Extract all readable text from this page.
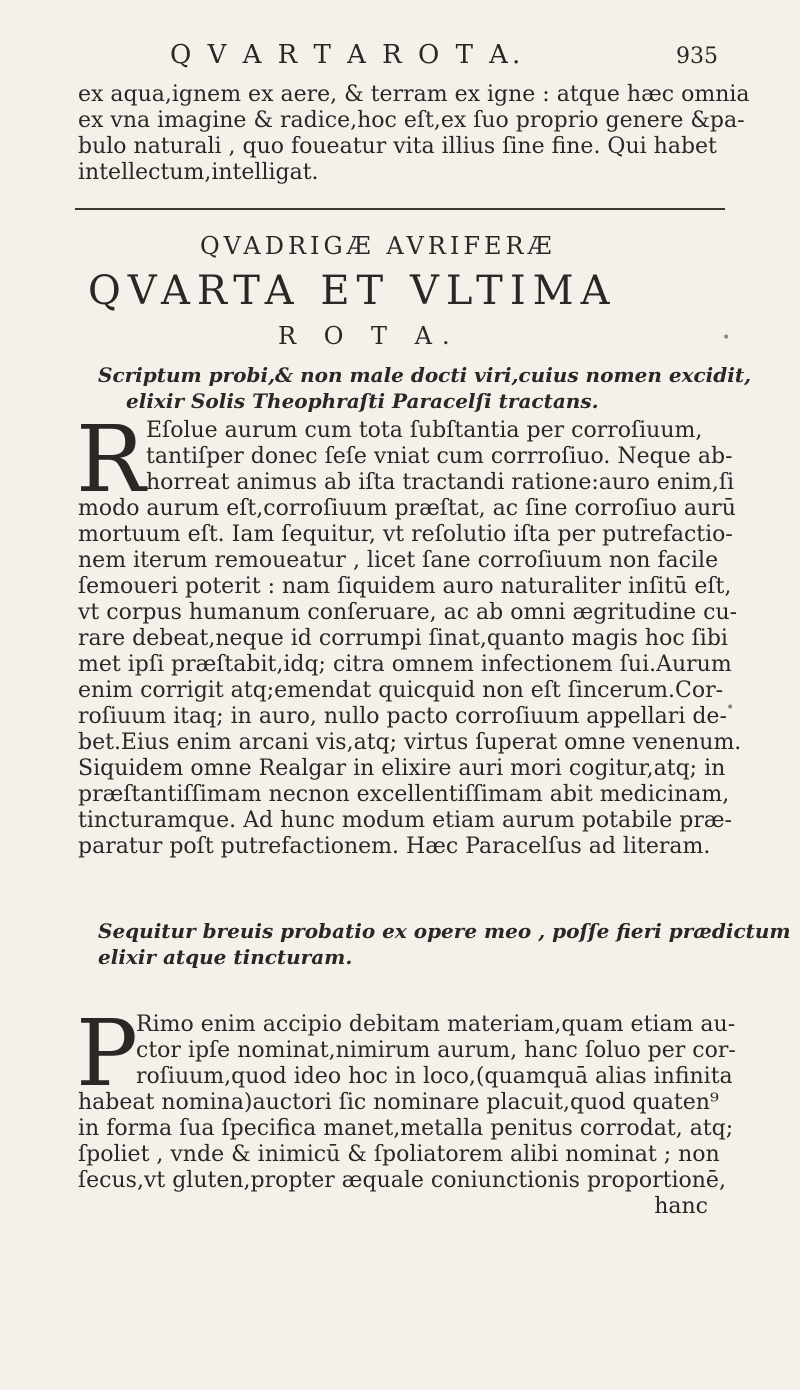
Q V A R T A R O T A.	935

ex aqua,ignem ex aere, & terram ex igne : atque hæc omnia

ex vna imagine & radice,hoc eſt,ex ſuo proprio genere &pa-

bulo naturali , quo foueatur vita illius ſine fine. Qui habet

intellectum,intelligat.

QVADRIGÆ AVRIFERÆ
QVARTA ET VLTIMA
R O T A.

Scriptum probi,& non male docti viri,cuius nomen excidit,

elixir Solis Theophraſti Paracelſi tractans.

R Eſolue aurum cum tota ſubſtantia per corroſiuum,

tantiſper donec ſeſe vniat cum corrroſiuo. Neque ab-

horreat animus ab iſta tractandi ratione:auro enim,ſi

modo aurum eſt,corroſiuum præſtat, ac ſine corroſiuo aurū

mortuum eſt. Iam ſequitur, vt reſolutio iſta per putrefactio-

nem iterum remoueatur , licet ſane corroſiuum non facile

ſemoueri poterit : nam ſiquidem auro naturaliter inſitū eſt,

vt corpus humanum conſeruare, ac ab omni ægritudine cu-

rare debeat,neque id corrumpi ſinat,quanto magis hoc ſibi

met ipſi præſtabit,idq; citra omnem infectionem ſui.Aurum

enim corrigit atq;emendat quicquid non eſt ſincerum.Cor-

roſiuum itaq; in auro, nullo pacto corroſiuum appellari de-

bet.Eius enim arcani vis,atq; virtus ſuperat omne venenum.

Siquidem omne Realgar in elixire auri mori cogitur,atq; in

præſtantiſſimam necnon excellentiſſimam abit medicinam,

tincturamque. Ad hunc modum etiam aurum potabile præ-

paratur poſt putrefactionem. Hæc Paracelſus ad literam.

Sequitur breuis probatio ex opere meo , poſſe fieri prædictum

elixir atque tincturam.

P

Rimo enim accipio debitam materiam,quam etiam au-

ctor ipſe nominat,nimirum aurum, hanc ſoluo per cor-

roſiuum,quod ideo hoc in loco,(quamquā alias infinita

habeat nomina)auctori ſic nominare placuit,quod quaten⁹

in forma ſua ſpecifica manet,metalla penitus corrodat, atq;

ſpoliet , vnde & inimicū & ſpoliatorem alibi nominat ; non

ſecus,vt gluten,propter æquale coniunctionis proportionē,

hanc

•
•
